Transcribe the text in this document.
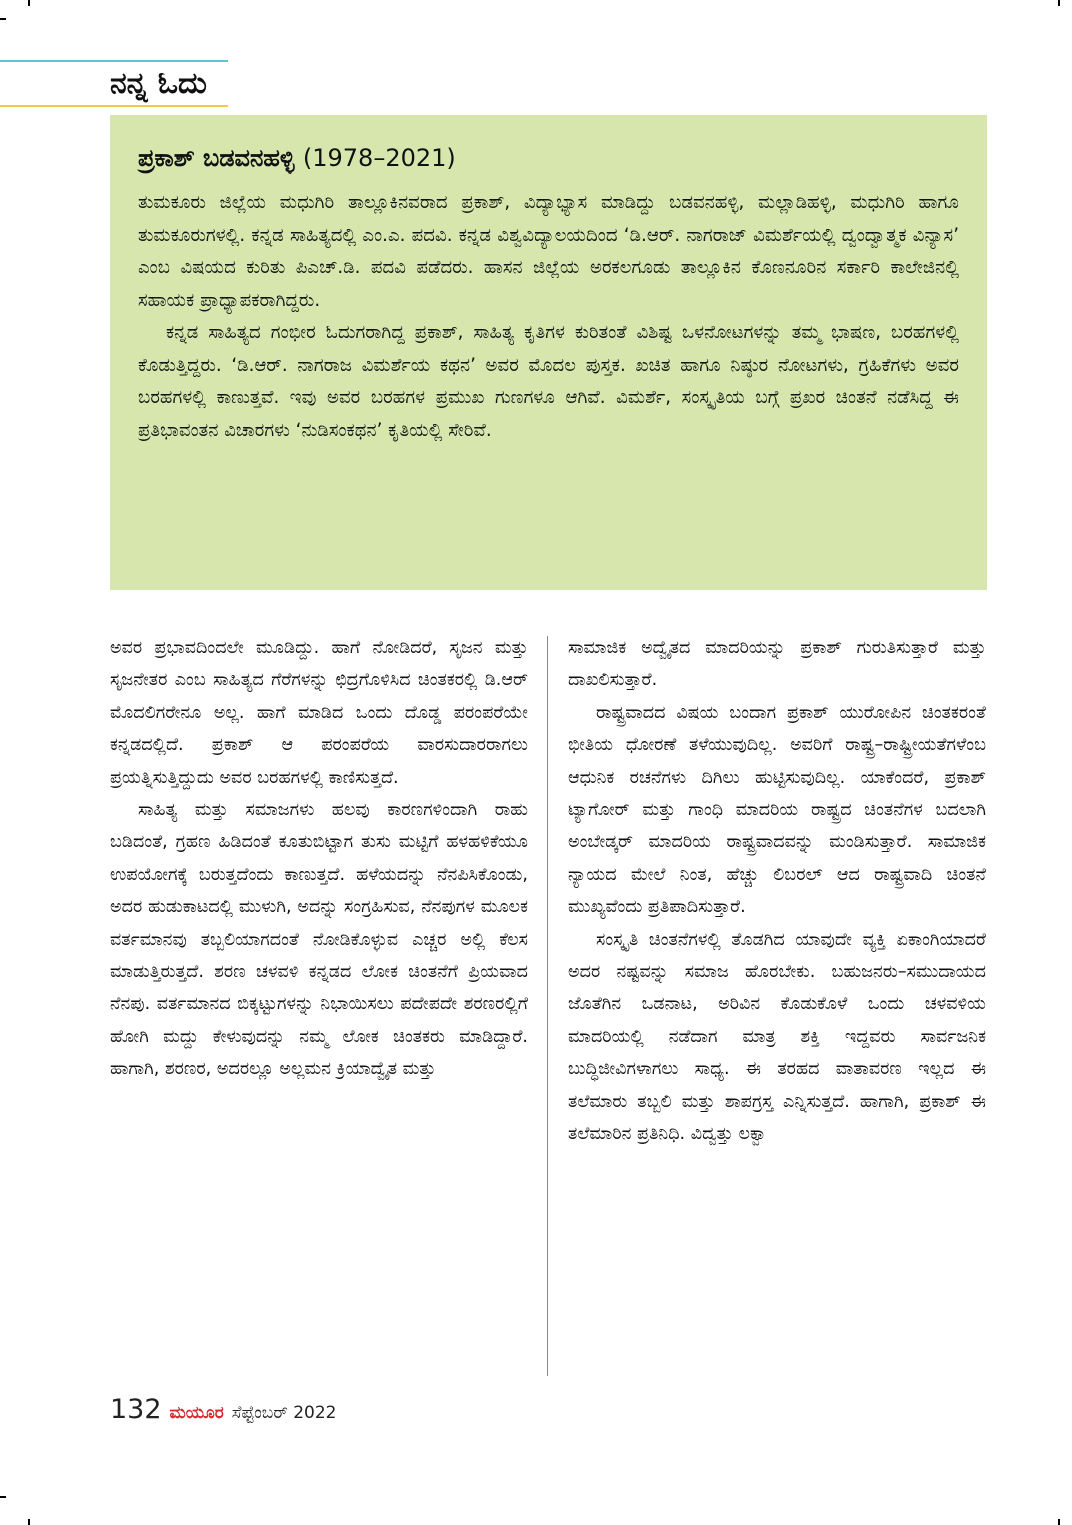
ನನ್ನ ಓದು
ಪ್ರಕಾಶ್ ಬಡವನಹಳ್ಳಿ (1978–2021)

ತುಮಕೂರು ಜಿಲ್ಲೆಯ ಮಧುಗಿರಿ ತಾಲ್ಲೂಕಿನವರಾದ ಪ್ರಕಾಶ್, ವಿದ್ಯಾಭ್ಯಾಸ ಮಾಡಿದ್ದು ಬಡವನಹಳ್ಳಿ, ಮಲ್ಲಾಡಿಹಳ್ಳಿ, ಮಧುಗಿರಿ ಹಾಗೂ ತುಮಕೂರುಗಳಲ್ಲಿ. ಕನ್ನಡ ಸಾಹಿತ್ಯದಲ್ಲಿ ಎಂ.ಎ. ಪದವಿ. ಕನ್ನಡ ವಿಶ್ವವಿದ್ಯಾಲಯದಿಂದ ‘ಡಿ.ಆರ್. ನಾಗರಾಜ್ ವಿಮರ್ಶೆಯಲ್ಲಿ ದ್ವಂದ್ವಾತ್ಮಕ ವಿನ್ಯಾಸ’ ಎಂಬ ವಿಷಯದ ಕುರಿತು ಪಿಎಚ್.ಡಿ. ಪದವಿ ಪಡೆದರು. ಹಾಸನ ಜಿಲ್ಲೆಯ ಅರಕಲಗೂಡು ತಾಲ್ಲೂಕಿನ ಕೊಣನೂರಿನ ಸರ್ಕಾರಿ ಕಾಲೇಜಿನಲ್ಲಿ ಸಹಾಯಕ ಪ್ರಾಧ್ಯಾಪಕರಾಗಿದ್ದರು.

ಕನ್ನಡ ಸಾಹಿತ್ಯದ ಗಂಭೀರ ಓದುಗರಾಗಿದ್ದ ಪ್ರಕಾಶ್, ಸಾಹಿತ್ಯ ಕೃತಿಗಳ ಕುರಿತಂತೆ ವಿಶಿಷ್ಟ ಒಳನೋಟಗಳನ್ನು ತಮ್ಮ ಭಾಷಣ, ಬರಹಗಳಲ್ಲಿ ಕೊಡುತ್ತಿದ್ದರು. ‘ಡಿ.ಆರ್. ನಾಗರಾಜ ವಿಮರ್ಶೆಯ ಕಥನ’ ಅವರ ಮೊದಲ ಪುಸ್ತಕ. ಖಚಿತ ಹಾಗೂ ನಿಷ್ಠುರ ನೋಟಗಳು, ಗ್ರಹಿಕೆಗಳು ಅವರ ಬರಹಗಳಲ್ಲಿ ಕಾಣುತ್ತವೆ. ಇವು ಅವರ ಬರಹಗಳ ಪ್ರಮುಖ ಗುಣಗಳೂ ಆಗಿವೆ. ವಿಮರ್ಶೆ, ಸಂಸ್ಕೃತಿಯ ಬಗ್ಗೆ ಪ್ರಖರ ಚಿಂತನೆ ನಡೆಸಿದ್ದ ಈ ಪ್ರತಿಭಾವಂತನ ವಿಚಾರಗಳು ‘ನುಡಿಸಂಕಥನ’ ಕೃತಿಯಲ್ಲಿ ಸೇರಿವೆ.

ಅವರ ಪ್ರಭಾವದಿಂದಲೇ ಮೂಡಿದ್ದು. ಹಾಗೆ ನೋಡಿದರೆ, ಸೃಜನ ಮತ್ತು ಸೃಜನೇತರ ಎಂಬ ಸಾಹಿತ್ಯದ ಗೆರೆಗಳನ್ನು ಛಿದ್ರಗೊಳಿಸಿದ ಚಿಂತಕರಲ್ಲಿ ಡಿ.ಆರ್ ಮೊದಲಿಗರೇನೂ ಅಲ್ಲ. ಹಾಗೆ ಮಾಡಿದ ಒಂದು ದೊಡ್ಡ ಪರಂಪರೆಯೇ ಕನ್ನಡದಲ್ಲಿದೆ. ಪ್ರಕಾಶ್ ಆ ಪರಂಪರೆಯ ವಾರಸುದಾರರಾಗಲು ಪ್ರಯತ್ನಿಸುತ್ತಿದ್ದುದು ಅವರ ಬರಹಗಳಲ್ಲಿ ಕಾಣಿಸುತ್ತದೆ.

ಸಾಹಿತ್ಯ ಮತ್ತು ಸಮಾಜಗಳು ಹಲವು ಕಾರಣಗಳಿಂದಾಗಿ ರಾಹು ಬಡಿದಂತೆ, ಗ್ರಹಣ ಹಿಡಿದಂತೆ ಕೂತುಬಿಟ್ಟಾಗ ತುಸು ಮಟ್ಟಿಗೆ ಹಳಹಳಿಕೆಯೂ ಉಪಯೋಗಕ್ಕೆ ಬರುತ್ತದೆಂದು ಕಾಣುತ್ತದೆ. ಹಳೆಯದನ್ನು ನೆನಪಿಸಿಕೊಂಡು, ಅದರ ಹುಡುಕಾಟದಲ್ಲಿ ಮುಳುಗಿ, ಅದನ್ನು ಸಂಗ್ರಹಿಸುವ, ನೆನಪುಗಳ ಮೂಲಕ ವರ್ತಮಾನವು ತಬ್ಬಲಿಯಾಗದಂತೆ ನೋಡಿಕೊಳ್ಳುವ ಎಚ್ಚರ ಅಲ್ಲಿ ಕೆಲಸ ಮಾಡುತ್ತಿರುತ್ತದೆ. ಶರಣ ಚಳವಳಿ ಕನ್ನಡದ ಲೋಕ ಚಿಂತನೆಗೆ ಪ್ರಿಯವಾದ ನೆನಪು. ವರ್ತಮಾನದ ಬಿಕ್ಕಟ್ಟುಗಳನ್ನು ನಿಭಾಯಿಸಲು ಪದೇಪದೇ ಶರಣರಲ್ಲಿಗೆ ಹೋಗಿ ಮದ್ದು ಕೇಳುವುದನ್ನು ನಮ್ಮ ಲೋಕ ಚಿಂತಕರು ಮಾಡಿದ್ದಾರೆ. ಹಾಗಾಗಿ, ಶರಣರ, ಅದರಲ್ಲೂ ಅಲ್ಲಮನ ಕ್ರಿಯಾದ್ವೈತ ಮತ್ತು

ಸಾಮಾಜಿಕ ಅದ್ವೈತದ ಮಾದರಿಯನ್ನು ಪ್ರಕಾಶ್ ಗುರುತಿಸುತ್ತಾರೆ ಮತ್ತು ದಾಖಲಿಸುತ್ತಾರೆ.

ರಾಷ್ಟ್ರವಾದದ ವಿಷಯ ಬಂದಾಗ ಪ್ರಕಾಶ್ ಯುರೋಪಿನ ಚಿಂತಕರಂತೆ ಭೀತಿಯ ಧೋರಣೆ ತಳೆಯುವುದಿಲ್ಲ. ಅವರಿಗೆ ರಾಷ್ಟ್ರ–ರಾಷ್ಟ್ರೀಯತೆಗಳೆಂಬ ಆಧುನಿಕ ರಚನೆಗಳು ದಿಗಿಲು ಹುಟ್ಟಿಸುವುದಿಲ್ಲ. ಯಾಕೆಂದರೆ, ಪ್ರಕಾಶ್ ಟ್ಯಾಗೋರ್ ಮತ್ತು ಗಾಂಧಿ ಮಾದರಿಯ ರಾಷ್ಟ್ರದ ಚಿಂತನೆಗಳ ಬದಲಾಗಿ ಅಂಬೇಡ್ಕರ್ ಮಾದರಿಯ ರಾಷ್ಟ್ರವಾದವನ್ನು ಮಂಡಿಸುತ್ತಾರೆ. ಸಾಮಾಜಿಕ ನ್ಯಾಯದ ಮೇಲೆ ನಿಂತ, ಹೆಚ್ಚು ಲಿಬರಲ್ ಆದ ರಾಷ್ಟ್ರವಾದಿ ಚಿಂತನೆ ಮುಖ್ಯವೆಂದು ಪ್ರತಿಪಾದಿಸುತ್ತಾರೆ.

ಸಂಸ್ಕೃತಿ ಚಿಂತನೆಗಳಲ್ಲಿ ತೊಡಗಿದ ಯಾವುದೇ ವ್ಯಕ್ತಿ ಏಕಾಂಗಿಯಾದರೆ ಅದರ ನಷ್ಟವನ್ನು ಸಮಾಜ ಹೊರಬೇಕು. ಬಹುಜನರು–ಸಮುದಾಯದ ಜೊತೆಗಿನ ಒಡನಾಟ, ಅರಿವಿನ ಕೊಡುಕೊಳೆ ಒಂದು ಚಳವಳಿಯ ಮಾದರಿಯಲ್ಲಿ ನಡೆದಾಗ ಮಾತ್ರ ಶಕ್ತಿ ಇದ್ದವರು ಸಾರ್ವಜನಿಕ ಬುದ್ಧಿಜೀವಿಗಳಾಗಲು ಸಾಧ್ಯ. ಈ ತರಹದ ವಾತಾವರಣ ಇಲ್ಲದ ಈ ತಲೆಮಾರು ತಬ್ಬಲಿ ಮತ್ತು ಶಾಪಗ್ರಸ್ತ ಎನ್ನಿಸುತ್ತದೆ. ಹಾಗಾಗಿ, ಪ್ರಕಾಶ್ ಈ ತಲೆಮಾರಿನ ಪ್ರತಿನಿಧಿ. ವಿದ್ವತ್ತು ಲಕ್ವಾ

132 ಮಯೂರ ಸೆಪ್ಟೆಂಬರ್ 2022
